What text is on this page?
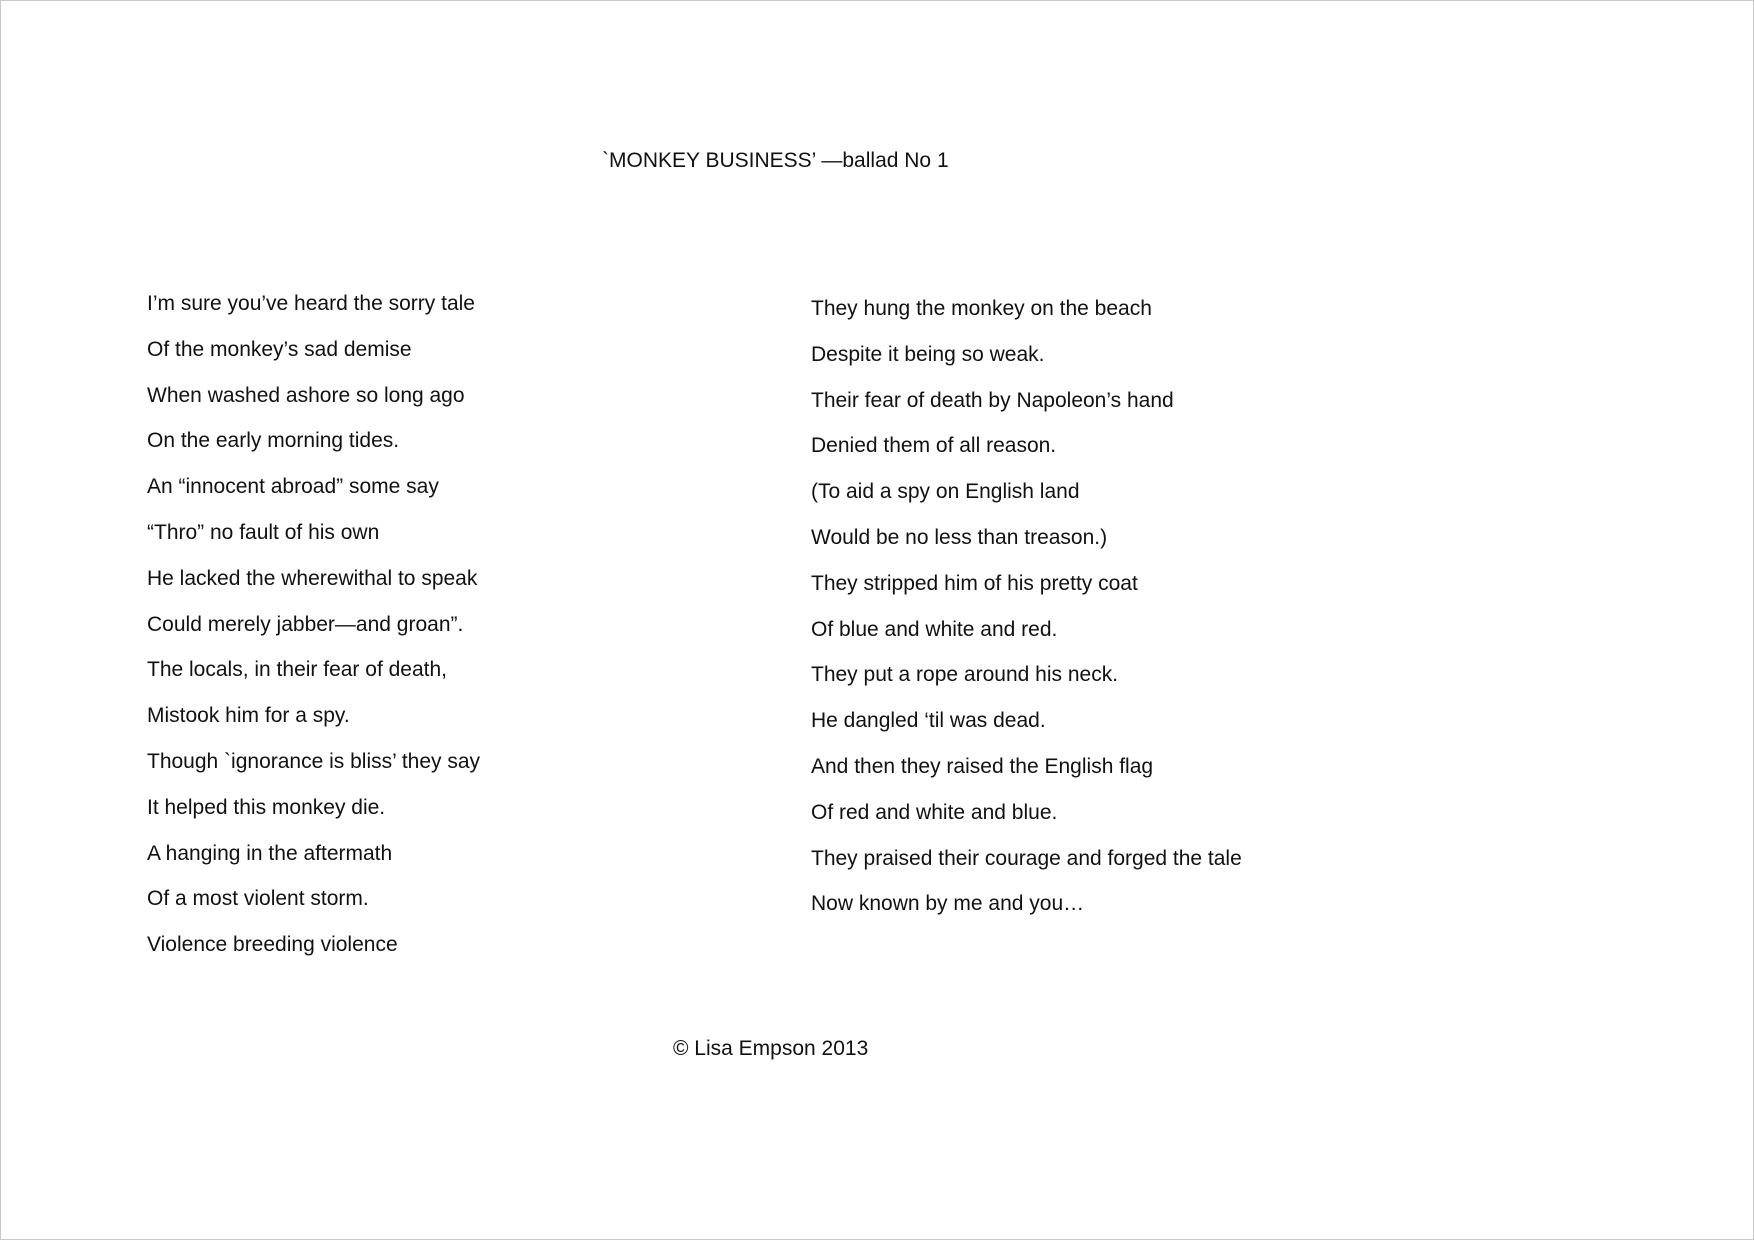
`MONKEY BUSINESS’ —ballad No 1
I’m sure you’ve heard the sorry tale
Of the monkey’s sad demise
When washed ashore so long ago
On the early morning tides.
An “innocent abroad” some say
“Thro” no fault of his own
He lacked the wherewithal to speak
Could merely jabber—and groan”.
The locals, in their fear of death,
Mistook him for a spy.
Though `ignorance is bliss’ they say
It helped this monkey die.
A hanging in the aftermath
Of a most violent storm.
Violence breeding violence
They hung the monkey on the beach
Despite it being so weak.
Their fear of death by Napoleon’s hand
Denied them of all reason.
(To aid a spy on English land
Would be no less than treason.)
They stripped him of his pretty coat
Of blue and white and red.
They put a rope around his neck.
He dangled ‘til was dead.
And then they raised the English flag
Of red and white and blue.
They praised their courage and forged the tale
Now known by me and you…
© Lisa Empson 2013
